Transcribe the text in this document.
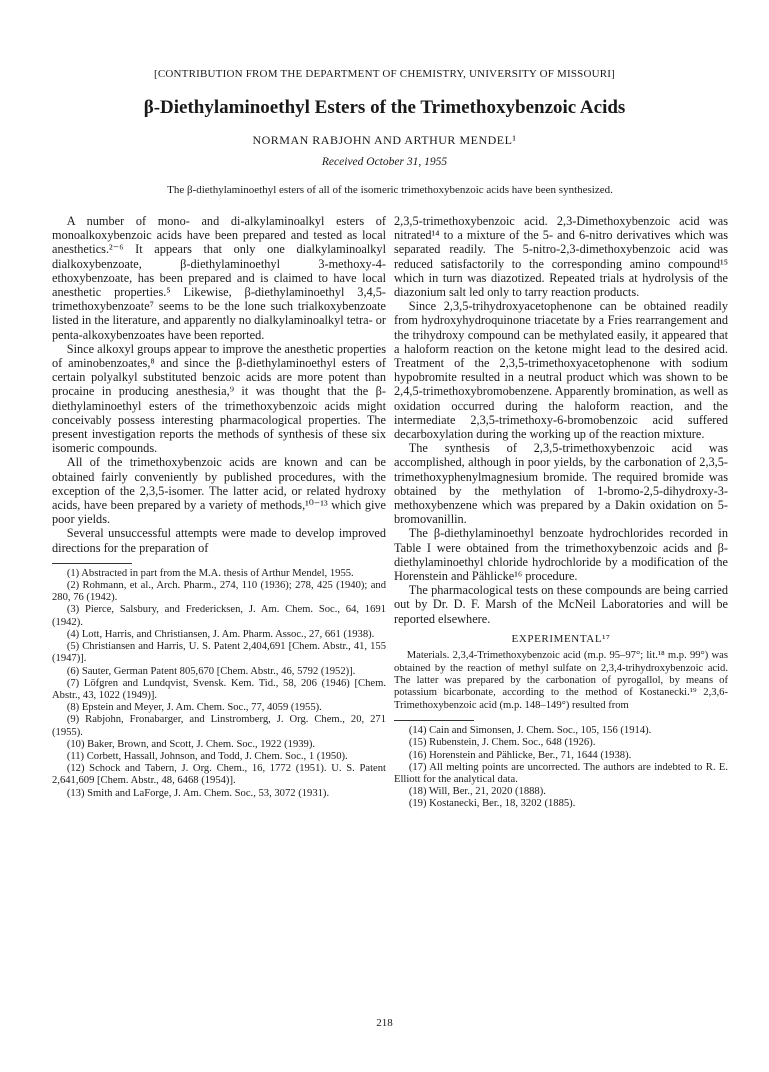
[CONTRIBUTION FROM THE DEPARTMENT OF CHEMISTRY, UNIVERSITY OF MISSOURI]
β-Diethylaminoethyl Esters of the Trimethoxybenzoic Acids
NORMAN RABJOHN AND ARTHUR MENDEL¹
Received October 31, 1955
The β-diethylaminoethyl esters of all of the isomeric trimethoxybenzoic acids have been synthesized.

A number of mono- and di-alkylaminoalkyl esters of monoalkoxybenzoic acids have been prepared and tested as local anesthetics.²⁻⁶ It appears that only one dialkylaminoalkyl dialkoxybenzoate, β-diethylaminoethyl 3-methoxy-4-ethoxybenzoate, has been prepared and is claimed to have local anesthetic properties.⁵ Likewise, β-diethylaminoethyl 3,4,5-trimethoxybenzoate⁷ seems to be the lone such trialkoxybenzoate listed in the literature, and apparently no dialkylaminoalkyl tetra- or penta-alkoxybenzoates have been reported.

Since alkoxyl groups appear to improve the anesthetic properties of aminobenzoates,⁸ and since the β-diethylaminoethyl esters of certain polyalkyl substituted benzoic acids are more potent than procaine in producing anesthesia,⁹ it was thought that the β-diethylaminoethyl esters of the trimethoxybenzoic acids might conceivably possess interesting pharmacological properties. The present investigation reports the methods of synthesis of these six isomeric compounds.

All of the trimethoxybenzoic acids are known and can be obtained fairly conveniently by published procedures, with the exception of the 2,3,5-isomer. The latter acid, or related hydroxy acids, have been prepared by a variety of methods,¹⁰⁻¹³ which give poor yields.

Several unsuccessful attempts were made to develop improved directions for the preparation of

(1) Abstracted in part from the M.A. thesis of Arthur Mendel, 1955.

(2) Rohmann, et al., Arch. Pharm., 274, 110 (1936); 278, 425 (1940); and 280, 76 (1942).

(3) Pierce, Salsbury, and Fredericksen, J. Am. Chem. Soc., 64, 1691 (1942).

(4) Lott, Harris, and Christiansen, J. Am. Pharm. Assoc., 27, 661 (1938).

(5) Christiansen and Harris, U. S. Patent 2,404,691 [Chem. Abstr., 41, 155 (1947)].

(6) Sauter, German Patent 805,670 [Chem. Abstr., 46, 5792 (1952)].

(7) Löfgren and Lundqvist, Svensk. Kem. Tid., 58, 206 (1946) [Chem. Abstr., 43, 1022 (1949)].

(8) Epstein and Meyer, J. Am. Chem. Soc., 77, 4059 (1955).

(9) Rabjohn, Fronabarger, and Linstromberg, J. Org. Chem., 20, 271 (1955).

(10) Baker, Brown, and Scott, J. Chem. Soc., 1922 (1939).

(11) Corbett, Hassall, Johnson, and Todd, J. Chem. Soc., 1 (1950).

(12) Schock and Tabern, J. Org. Chem., 16, 1772 (1951). U. S. Patent 2,641,609 [Chem. Abstr., 48, 6468 (1954)].

(13) Smith and LaForge, J. Am. Chem. Soc., 53, 3072 (1931).

2,3,5-trimethoxybenzoic acid. 2,3-Dimethoxybenzoic acid was nitrated¹⁴ to a mixture of the 5- and 6-nitro derivatives which was separated readily. The 5-nitro-2,3-dimethoxybenzoic acid was reduced satisfactorily to the corresponding amino compound¹⁵ which in turn was diazotized. Repeated trials at hydrolysis of the diazonium salt led only to tarry reaction products.

Since 2,3,5-trihydroxyacetophenone can be obtained readily from hydroxyhydroquinone triacetate by a Fries rearrangement and the trihydroxy compound can be methylated easily, it appeared that a haloform reaction on the ketone might lead to the desired acid. Treatment of the 2,3,5-trimethoxyacetophenone with sodium hypobromite resulted in a neutral product which was shown to be 2,4,5-trimethoxybromobenzene. Apparently bromination, as well as oxidation occurred during the haloform reaction, and the intermediate 2,3,5-trimethoxy-6-bromobenzoic acid suffered decarboxylation during the working up of the reaction mixture.

The synthesis of 2,3,5-trimethoxybenzoic acid was accomplished, although in poor yields, by the carbonation of 2,3,5-trimethoxyphenylmagnesium bromide. The required bromide was obtained by the methylation of 1-bromo-2,5-dihydroxy-3-methoxybenzene which was prepared by a Dakin oxidation on 5-bromovanillin.

The β-diethylaminoethyl benzoate hydrochlorides recorded in Table I were obtained from the trimethoxybenzoic acids and β-diethylaminoethyl chloride hydrochloride by a modification of the Horenstein and Pählicke¹⁶ procedure.

The pharmacological tests on these compounds are being carried out by Dr. D. F. Marsh of the McNeil Laboratories and will be reported elsewhere.

EXPERIMENTAL¹⁷

Materials. 2,3,4-Trimethoxybenzoic acid (m.p. 95–97°; lit.¹⁸ m.p. 99°) was obtained by the reaction of methyl sulfate on 2,3,4-trihydroxybenzoic acid. The latter was prepared by the carbonation of pyrogallol, by means of potassium bicarbonate, according to the method of Kostanecki.¹⁹ 2,3,6-Trimethoxybenzoic acid (m.p. 148–149°) resulted from

(14) Cain and Simonsen, J. Chem. Soc., 105, 156 (1914).

(15) Rubenstein, J. Chem. Soc., 648 (1926).

(16) Horenstein and Pählicke, Ber., 71, 1644 (1938).

(17) All melting points are uncorrected. The authors are indebted to R. E. Elliott for the analytical data.

(18) Will, Ber., 21, 2020 (1888).

(19) Kostanecki, Ber., 18, 3202 (1885).

218
